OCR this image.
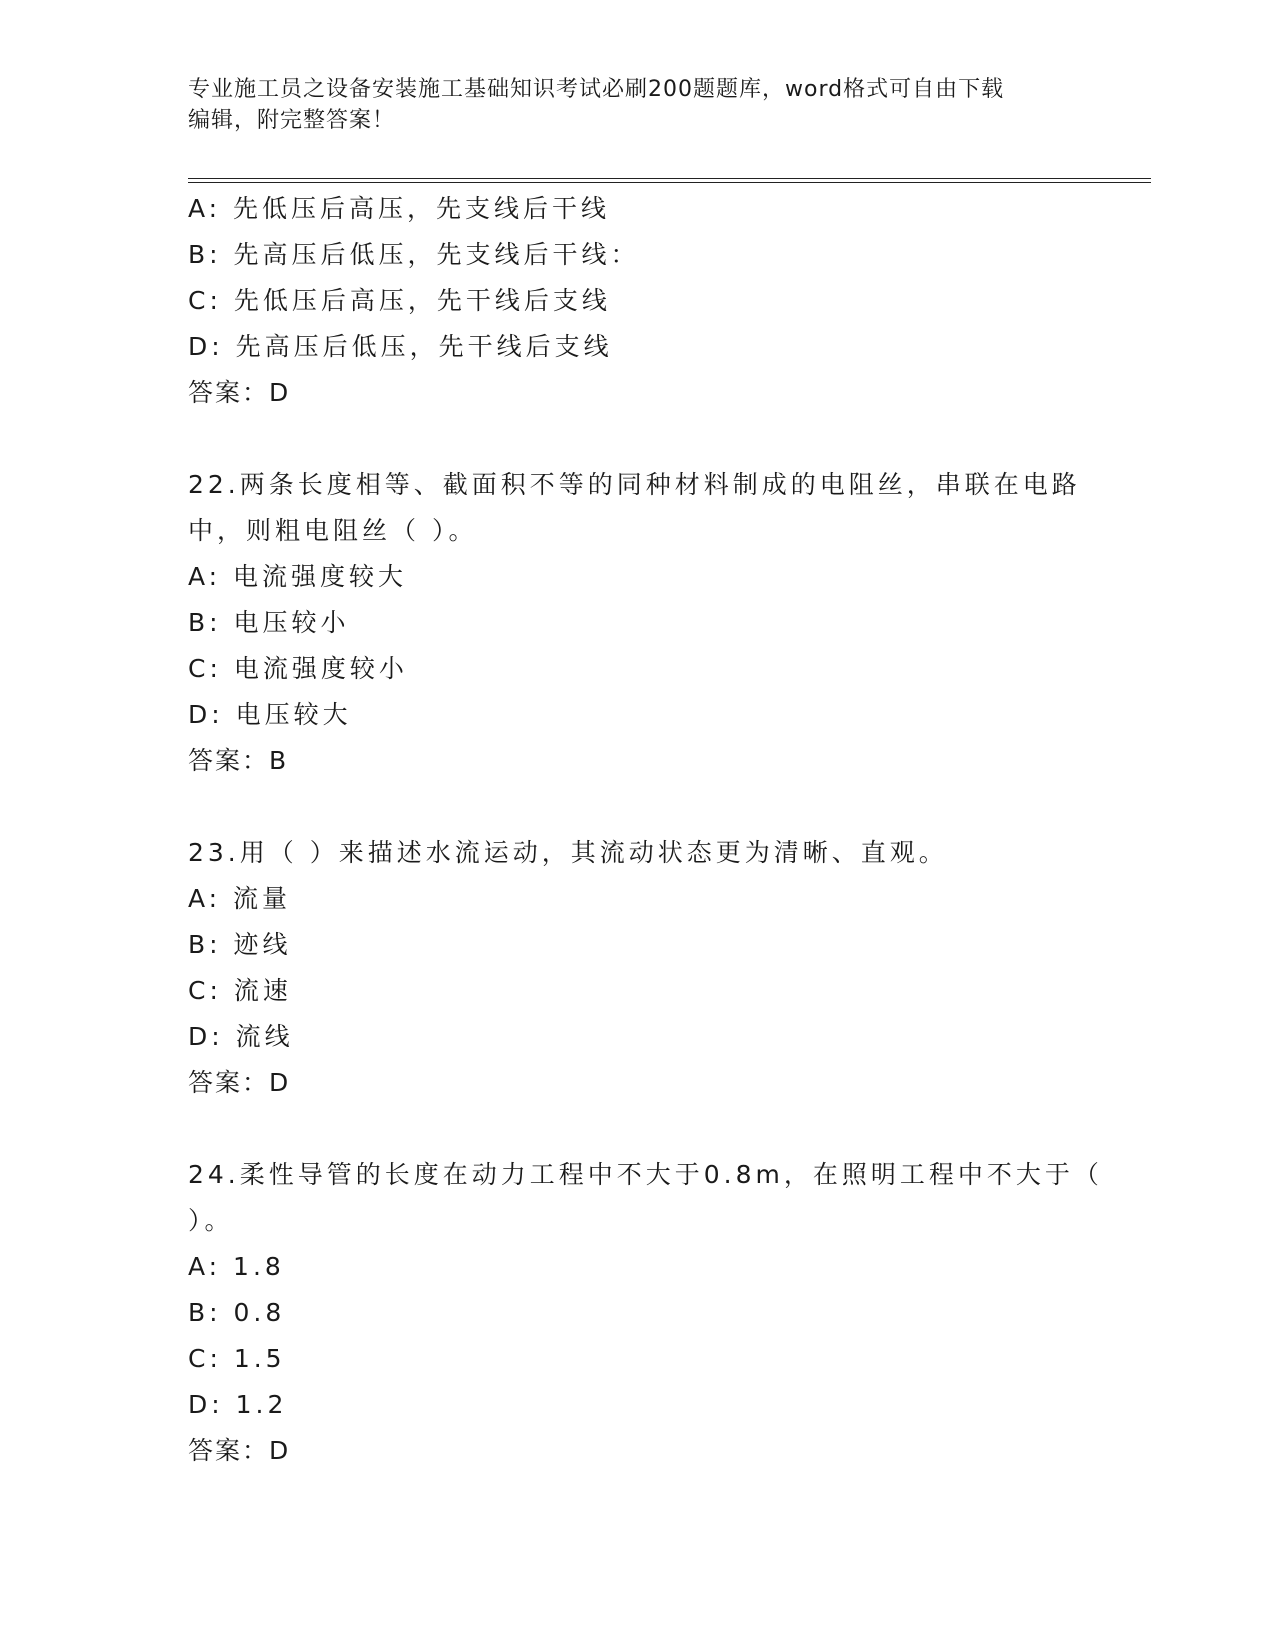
专业施工员之设备安装施工基础知识考试必刷200题题库，word格式可自由下载
编辑，附完整答案！
A: 先低压后高压，先支线后干线
B: 先高压后低压，先支线后干线：
C: 先低压后高压，先干线后支线
D: 先高压后低压，先干线后支线
答案：D
22.两条长度相等、截面积不等的同种材料制成的电阻丝，串联在电路
中，则粗电阻丝（ ）。
A: 电流强度较大
B: 电压较小
C: 电流强度较小
D: 电压较大
答案：B
23.用（ ）来描述水流运动，其流动状态更为清晰、直观。
A: 流量
B: 迹线
C: 流速
D: 流线
答案：D
24.柔性导管的长度在动力工程中不大于0.8m，在照明工程中不大于（
）。
A: 1.8
B: 0.8
C: 1.5
D: 1.2
答案：D
